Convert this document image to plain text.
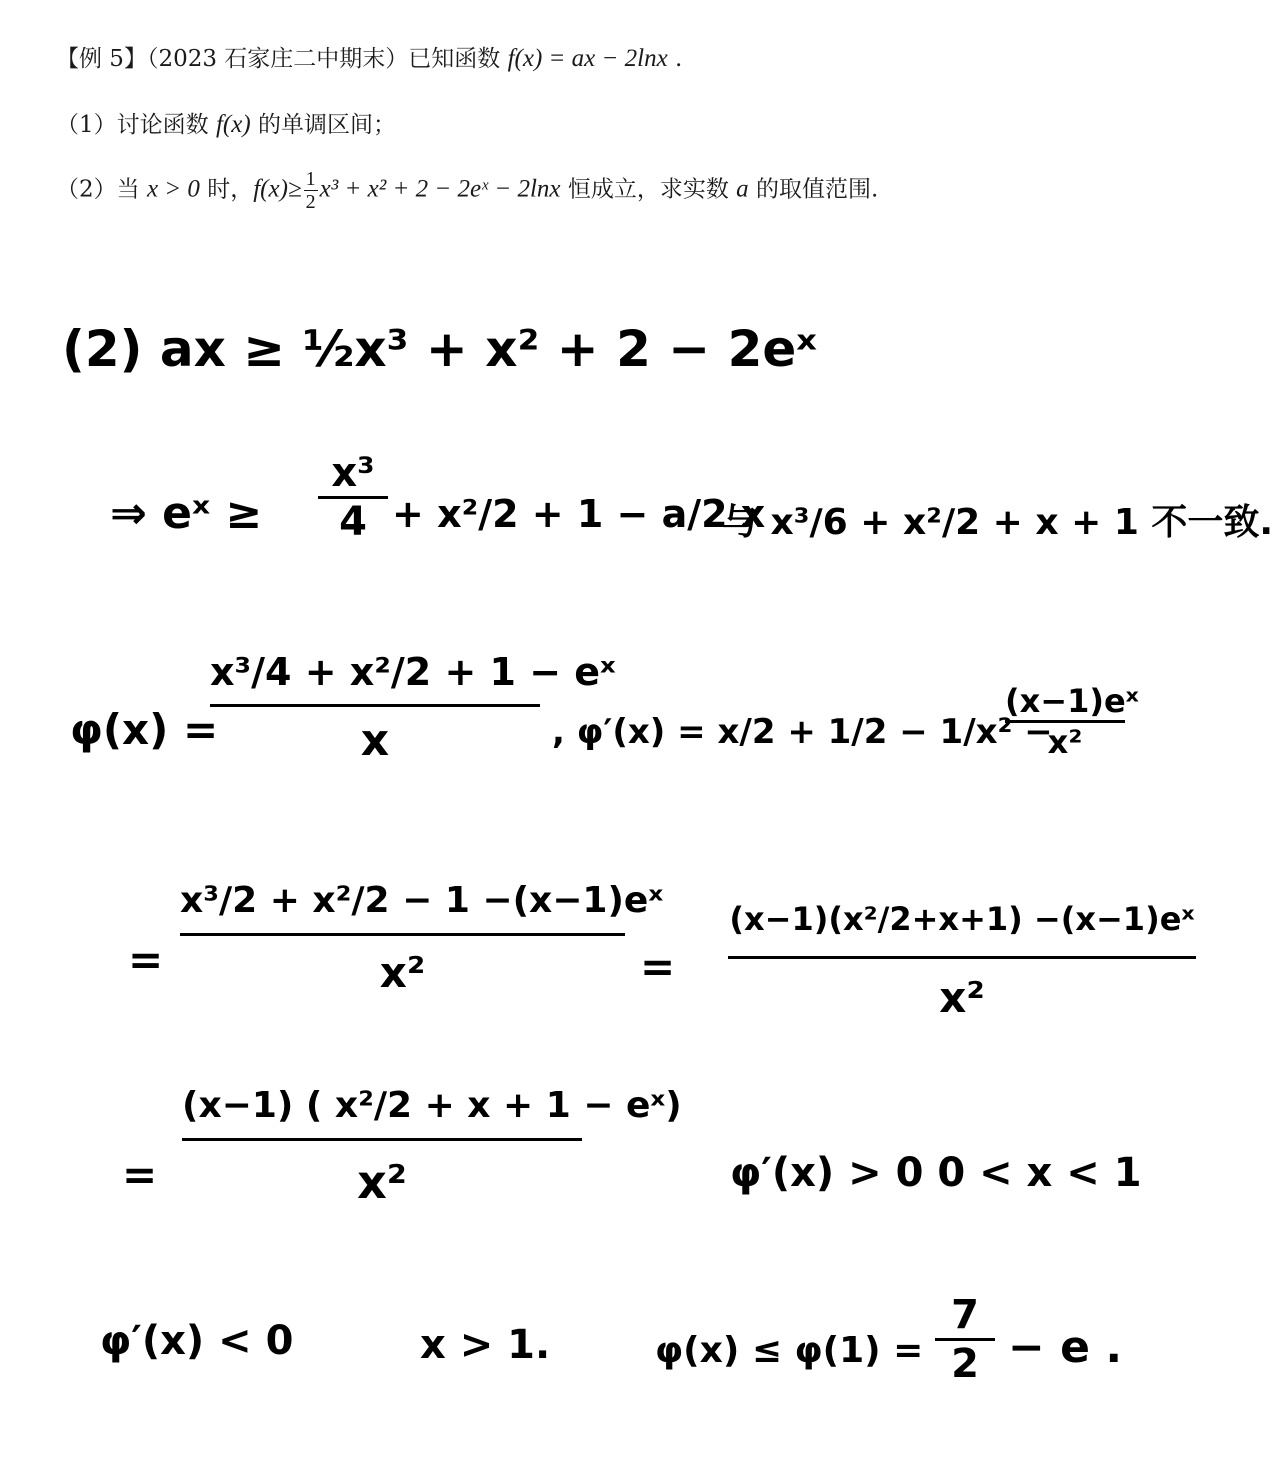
【例 5】（2023 石家庄二中期末）已知函数 f(x) = ax − 2lnx .
（1）讨论函数 f(x) 的单调区间；
（2）当 x > 0 时，$f(x)\ge \frac{1}{2} x^3 + x^2 + 2$ − 2eˣ − 2lnx 恒成立，求实数 a 的取值范围.
(2) ax ≥ ½x³ + x² + 2 − 2eˣ
⇒ eˣ ≥ $\frac{\text{x³}}{4} + x^2/2 + 1 - a/2$ x
与 x³/6 + x²/2 + x + 1 不一致.
φ(x) =
$\frac{\text{x³/4 + x²/2 + 1 − eˣ}}{x}$ , φ′(x) = x/2 + 1/2 − 1/x² −
(x−1)eˣ
x²
= $\frac{\text{x³/2 + x²/2 − 1 −(x−1)eˣ}}{\text{x²}}$ =
(x−1)(x²/2+x+1) −(x−1)eˣ
x²
=
(x−1) ( x²/2 + x + 1 − eˣ)
x²	φ′(x) > 0 0 < x < 1
φ′(x) < 0	x > 1.	$\varphi(x) \le \varphi(1) = \frac{7}{2} - e$ .
